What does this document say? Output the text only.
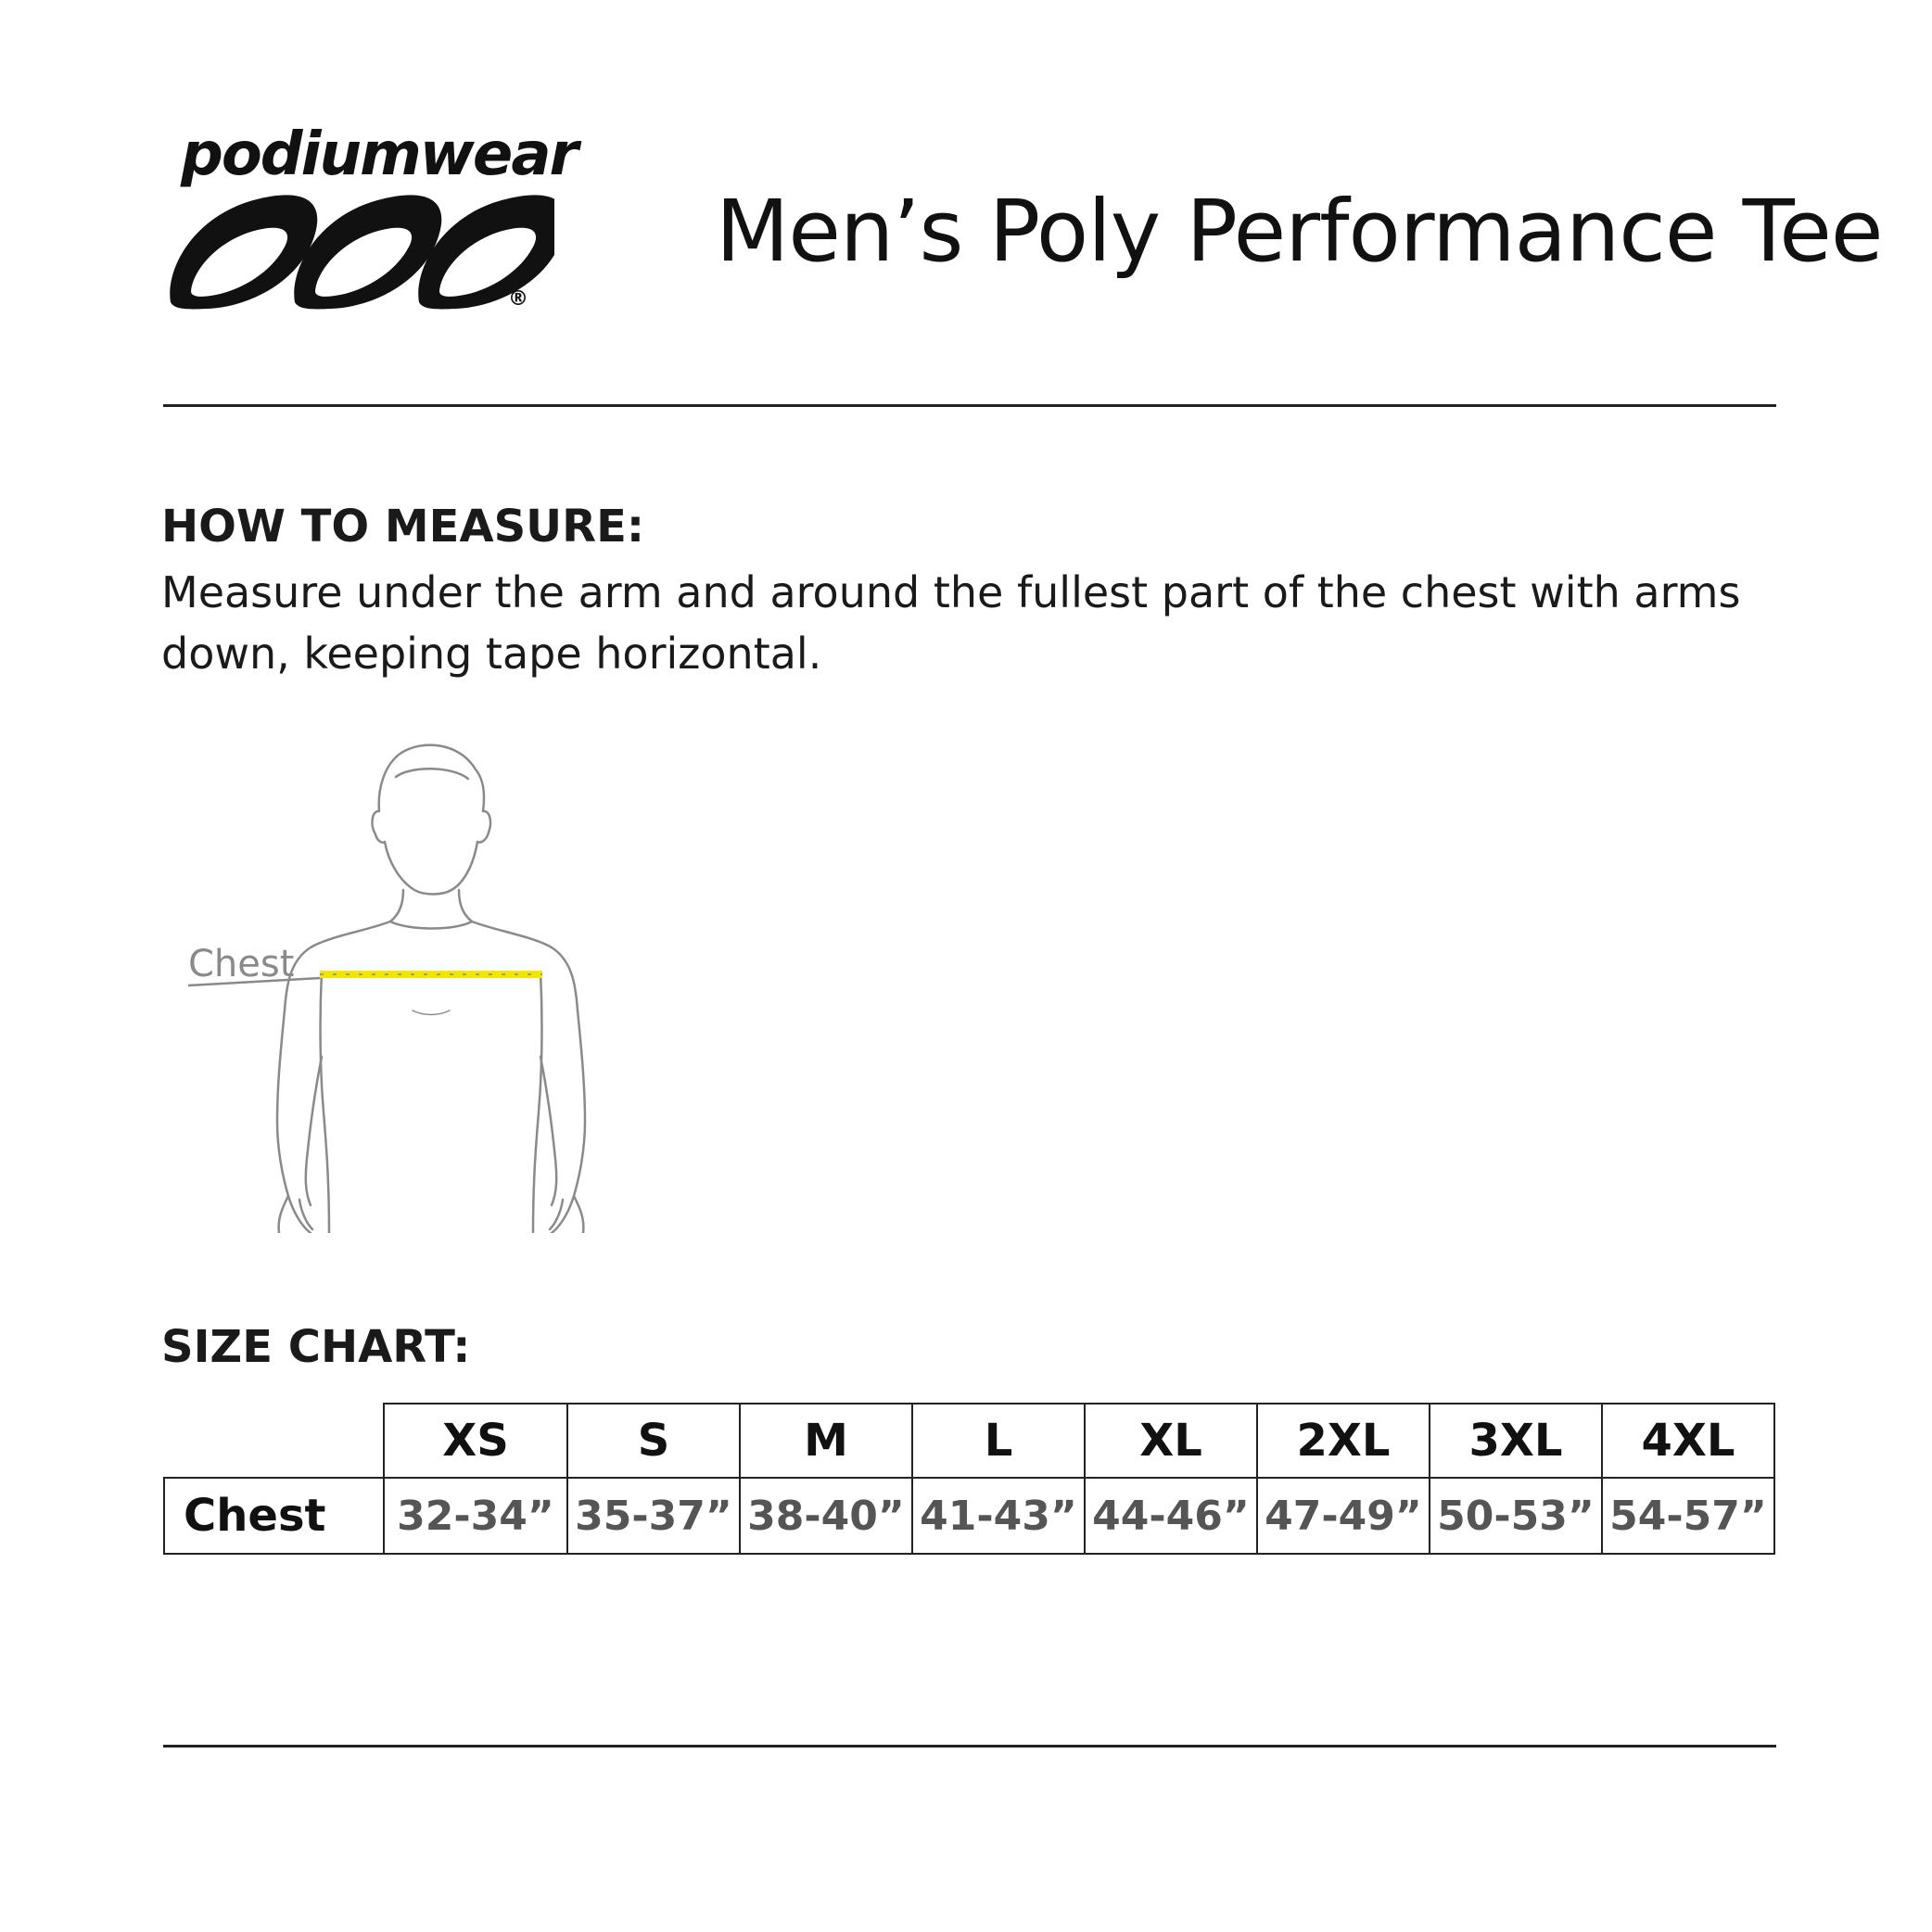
podiumwear
®
Men’s Poly Performance Tee
HOW TO MEASURE:
Measure under the arm and around the fullest part of the chest with arms
down, keeping tape horizontal.
Chest
SIZE CHART:
	XS	S	M	L	XL	2XL	3XL	4XL
Chest	32-34”	35-37”	38-40”	41-43”	44-46”	47-49”	50-53”	54-57”
